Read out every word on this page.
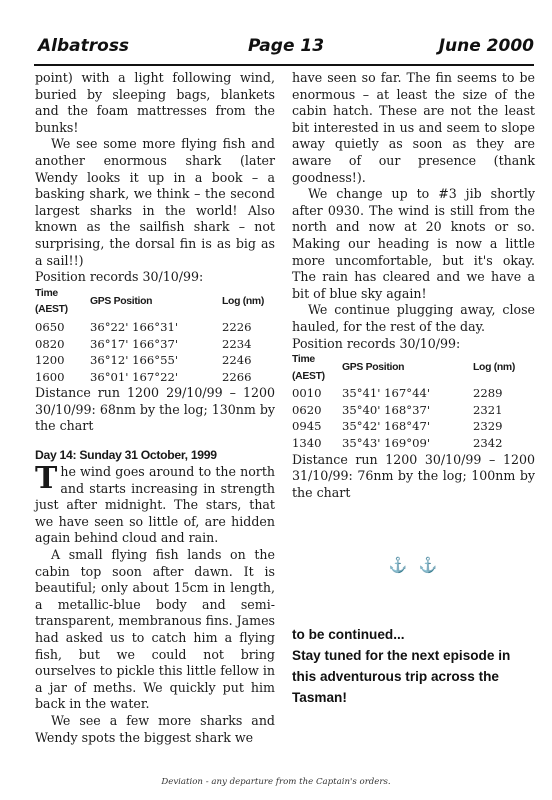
Albatross	Page 13	June 2000

point) with a light following wind, buried by sleeping bags, blankets and the foam mattresses from the bunks!

We see some more flying fish and another enormous shark (later Wendy looks it up in a book – a basking shark, we think – the second largest sharks in the world! Also known as the sailfish shark – not surprising, the dorsal fin is as big as a sail!!)

Position records 30/10/99:

Time (AEST)	GPS Position	Log (nm)
0650	36°22' 166°31'	2226
0820	36°17' 166°37'	2234
1200	36°12' 166°55'	2246
1600	36°01' 167°22'	2266

Distance run 1200 29/10/99 – 1200 30/10/99: 68nm by the log; 130nm by the chart

Day 14: Sunday 31 October, 1999

The wind goes around to the north and starts increasing in strength just after midnight. The stars, that we have seen so little of, are hidden again behind cloud and rain.

A small flying fish lands on the cabin top soon after dawn. It is beautiful; only about 15cm in length, a metallic-blue body and semi-transparent, membranous fins. James had asked us to catch him a flying fish, but we could not bring ourselves to pickle this little fellow in a jar of meths. We quickly put him back in the water.

We see a few more sharks and Wendy spots the biggest shark we

have seen so far. The fin seems to be enormous – at least the size of the cabin hatch. These are not the least bit interested in us and seem to slope away quietly as soon as they are aware of our presence (thank goodness!).

We change up to #3 jib shortly after 0930. The wind is still from the north and now at 20 knots or so. Making our heading is now a little more uncomfortable, but it's okay. The rain has cleared and we have a bit of blue sky again!

We continue plugging away, close hauled, for the rest of the day.

Position records 30/10/99:

Time (AEST)	GPS Position	Log (nm)
0010	35°41' 167°44'	2289
0620	35°40' 168°37'	2321
0945	35°42' 168°47'	2329
1340	35°43' 169°09'	2342

Distance run 1200 30/10/99 – 1200 31/10/99: 76nm by the log; 100nm by the chart

⚓ ⚓
to be continued...
Stay tuned for the next episode in this adventurous trip across the Tasman!
Deviation - any departure from the Captain's orders.
